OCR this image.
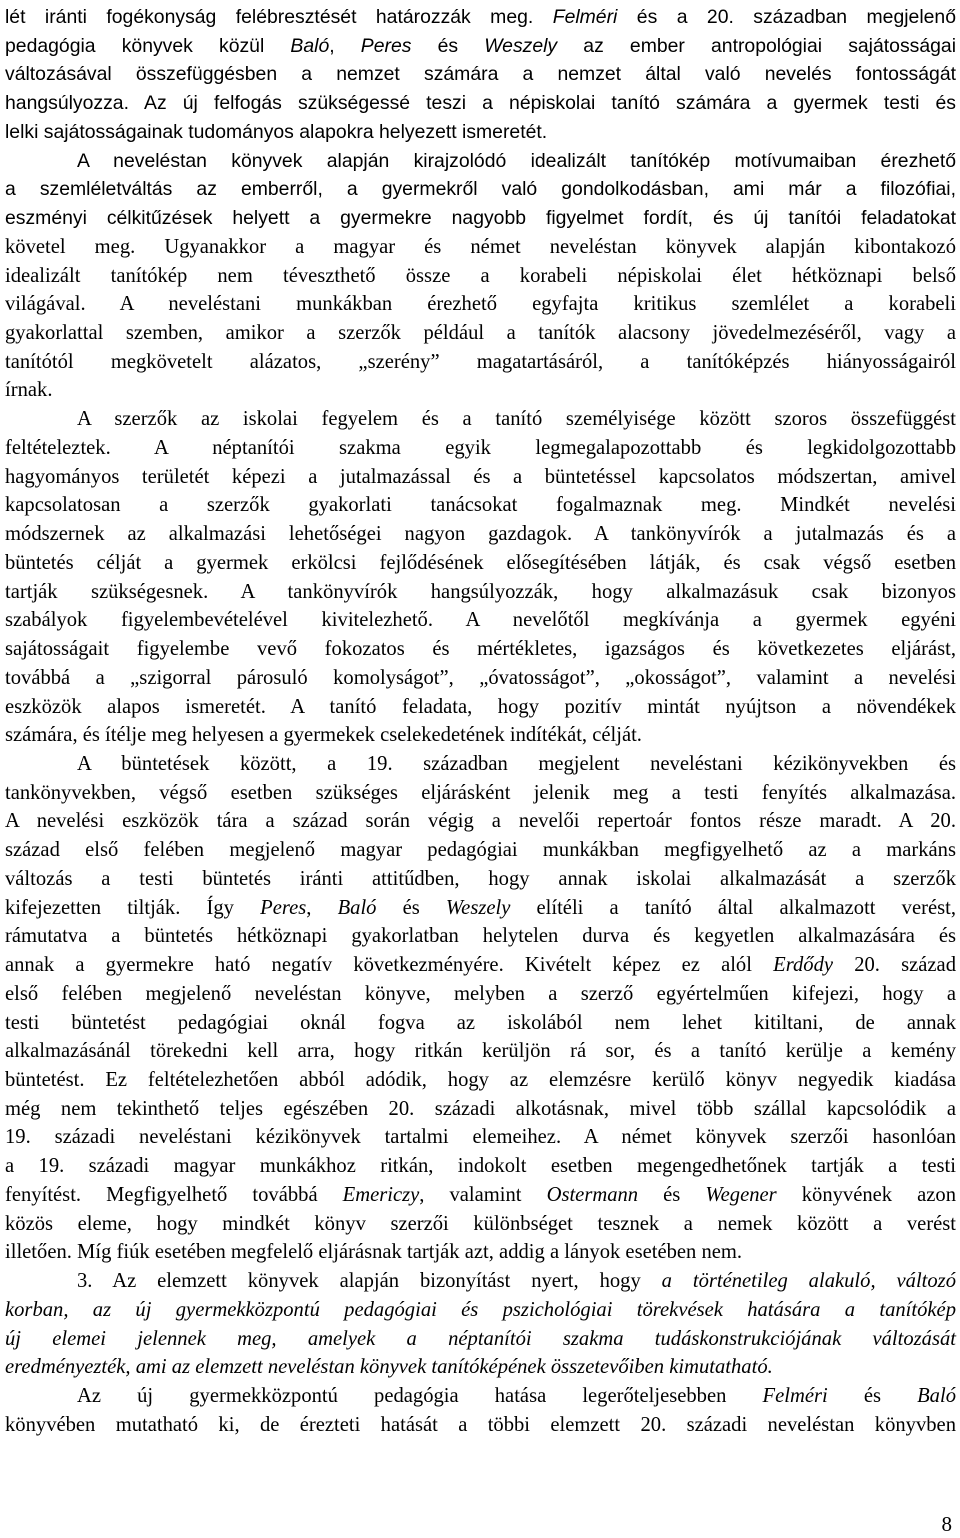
lét iránti fogékonyság felébresztését határozzák meg. Felméri és a 20. században megjelenő
pedagógia könyvek közül Baló, Peres és Weszely az ember antropológiai sajátosságai
változásával összefüggésben a nemzet számára a nemzet által való nevelés fontosságát
hangsúlyozza. Az új felfogás szükségessé teszi a népiskolai tanító számára a gyermek testi és
lelki sajátosságainak tudományos alapokra helyezett ismeretét.
A neveléstan könyvek alapján kirajzolódó idealizált tanítókép motívumaiban érezhető
a szemléletváltás az emberről, a gyermekről való gondolkodásban, ami már a filozófiai,
eszményi célkitűzések helyett a gyermekre nagyobb figyelmet fordít, és új tanítói feladatokat
követel meg. Ugyanakkor a magyar és német neveléstan könyvek alapján kibontakozó
idealizált tanítókép nem téveszthető össze a korabeli népiskolai élet hétköznapi belső
világával. A neveléstani munkákban érezhető egyfajta kritikus szemlélet a korabeli
gyakorlattal szemben, amikor a szerzők például a tanítók alacsony jövedelmezéséről, vagy a
tanítótól megkövetelt alázatos, „szerény” magatartásáról, a tanítóképzés hiányosságairól
írnak.
A szerzők az iskolai fegyelem és a tanító személyisége között szoros összefüggést
feltételeztek. A néptanítói szakma egyik legmegalapozottabb és legkidolgozottabb
hagyományos területét képezi a jutalmazással és a büntetéssel kapcsolatos módszertan, amivel
kapcsolatosan a szerzők gyakorlati tanácsokat fogalmaznak meg. Mindkét nevelési
módszernek az alkalmazási lehetőségei nagyon gazdagok. A tankönyvírók a jutalmazás és a
büntetés célját a gyermek erkölcsi fejlődésének elősegítésében látják, és csak végső esetben
tartják szükségesnek. A tankönyvírók hangsúlyozzák, hogy alkalmazásuk csak bizonyos
szabályok figyelembevételével kivitelezhető. A nevelőtől megkívánja a gyermek egyéni
sajátosságait figyelembe vevő fokozatos és mértékletes, igazságos és következetes eljárást,
továbbá a „szigorral párosuló komolyságot”, „óvatosságot”, „okosságot”, valamint a nevelési
eszközök alapos ismeretét. A tanító feladata, hogy pozitív mintát nyújtson a növendékek
számára, és ítélje meg helyesen a gyermekek cselekedetének indítékát, célját.
A büntetések között, a 19. században megjelent neveléstani kézikönyvekben és
tankönyvekben, végső esetben szükséges eljárásként jelenik meg a testi fenyítés alkalmazása.
A nevelési eszközök tára a század során végig a nevelői repertoár fontos része maradt. A 20.
század első felében megjelenő magyar pedagógiai munkákban megfigyelhető az a markáns
változás a testi büntetés iránti attitűdben, hogy annak iskolai alkalmazását a szerzők
kifejezetten tiltják. Így Peres, Baló és Weszely elítéli a tanító által alkalmazott verést,
rámutatva a büntetés hétköznapi gyakorlatban helytelen durva és kegyetlen alkalmazására és
annak a gyermekre ható negatív következményére. Kivételt képez ez alól Erdődy 20. század
első felében megjelenő neveléstan könyve, melyben a szerző egyértelműen kifejezi, hogy a
testi büntetést pedagógiai oknál fogva az iskolából nem lehet kitiltani, de annak
alkalmazásánál törekedni kell arra, hogy ritkán kerüljön rá sor, és a tanító kerülje a kemény
büntetést. Ez feltételezhetően abból adódik, hogy az elemzésre kerülő könyv negyedik kiadása
még nem tekinthető teljes egészében 20. századi alkotásnak, mivel több szállal kapcsolódik a
19. századi neveléstani kézikönyvek tartalmi elemeihez. A német könyvek szerzői hasonlóan
a 19. századi magyar munkákhoz ritkán, indokolt esetben megengedhetőnek tartják a testi
fenyítést. Megfigyelhető továbbá Emericzy, valamint Ostermann és Wegener könyvének azon
közös eleme, hogy mindkét könyv szerzői különbséget tesznek a nemek között a verést
illetően. Míg fiúk esetében megfelelő eljárásnak tartják azt, addig a lányok esetében nem.
3. Az elemzett könyvek alapján bizonyítást nyert, hogy a történetileg alakuló, változó
korban, az új gyermekközpontú pedagógiai és pszichológiai törekvések hatására a tanítókép
új elemei jelennek meg, amelyek a néptanítói szakma tudáskonstrukciójának változását
eredményezték, ami az elemzett neveléstan könyvek tanítóképének összetevőiben kimutatható.
Az új gyermekközpontú pedagógia hatása legerőteljesebben Felméri és Baló
könyvében mutatható ki, de érezteti hatását a többi elemzett 20. századi neveléstan könyvben
8
